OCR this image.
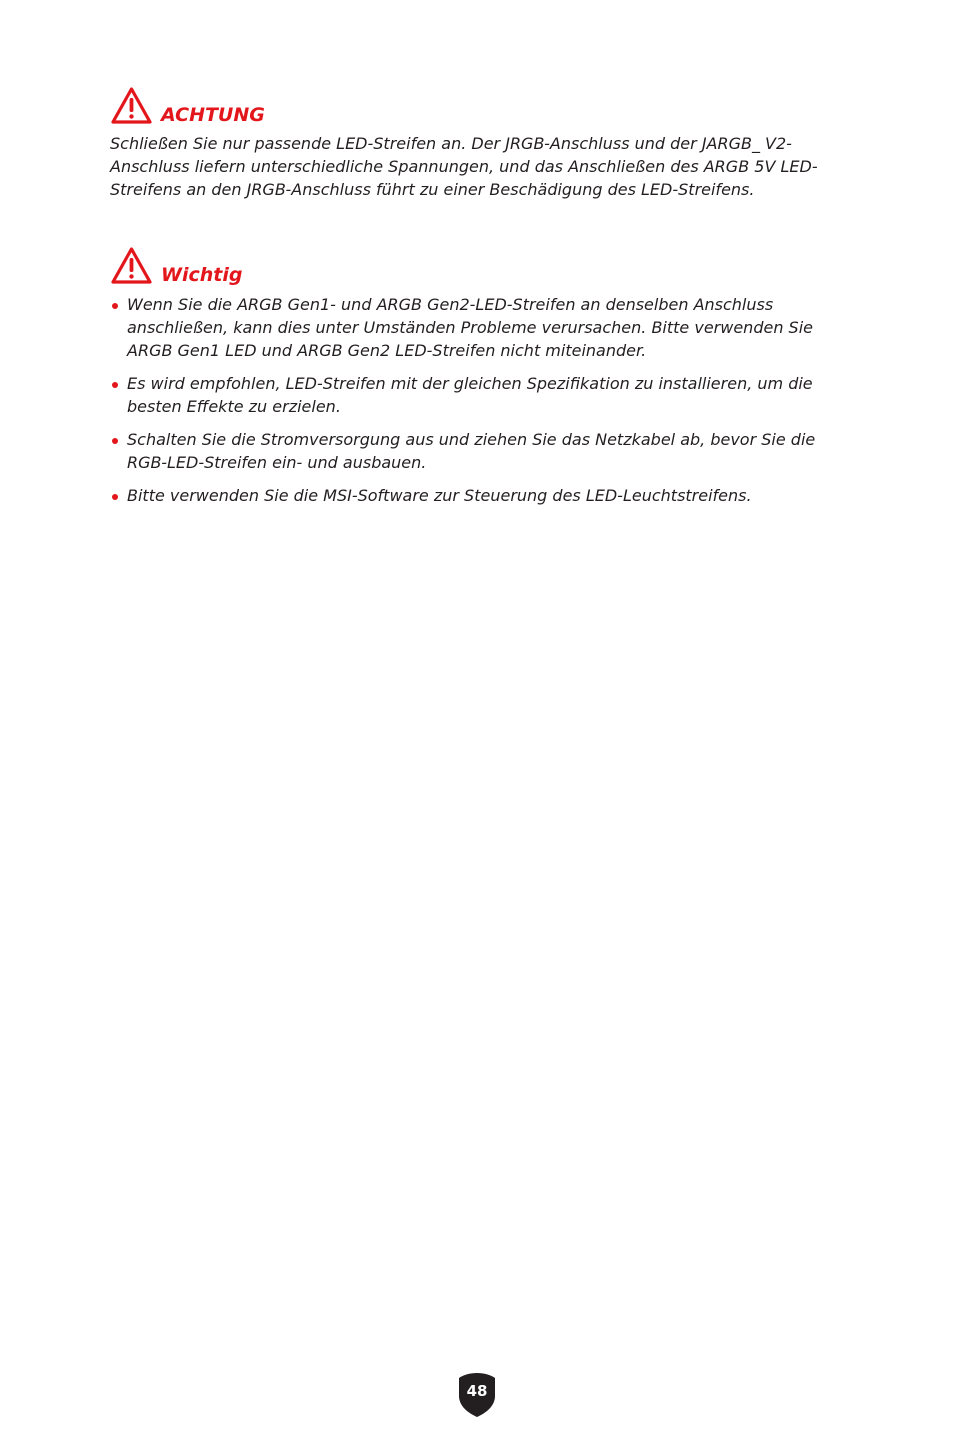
ACHTUNG

Schließen Sie nur passende LED-Streifen an. Der JRGB-Anschluss und der JARGB_ V2-Anschluss liefern unterschiedliche Spannungen, und das Anschließen des ARGB 5V LED-Streifens an den JRGB-Anschluss führt zu einer Beschädigung des LED-Streifens.

Wichtig
Wenn Sie die ARGB Gen1- und ARGB Gen2-LED-Streifen an denselben Anschluss anschließen, kann dies unter Umständen Probleme verursachen. Bitte verwenden Sie ARGB Gen1 LED und ARGB Gen2 LED-Streifen nicht miteinander.
Es wird empfohlen, LED-Streifen mit der gleichen Spezifikation zu installieren, um die besten Effekte zu erzielen.
Schalten Sie die Stromversorgung aus und ziehen Sie das Netzkabel ab, bevor Sie die RGB-LED-Streifen ein- und ausbauen.
Bitte verwenden Sie die MSI-Software zur Steuerung des LED-Leuchtstreifens.
48
